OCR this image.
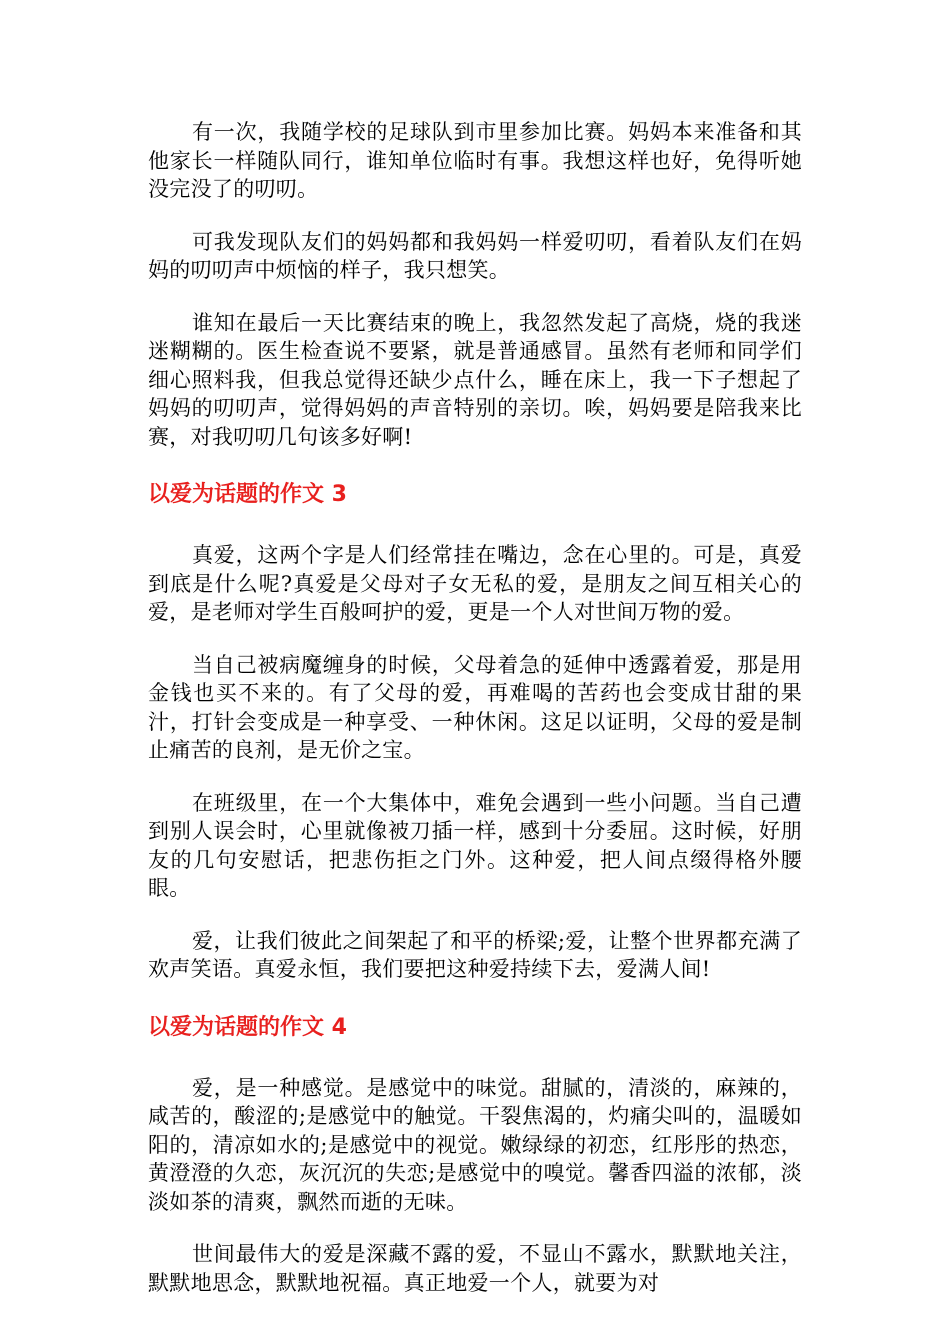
有一次，我随学校的足球队到市里参加比赛。妈妈本来准备和其他家长一样随队同行，谁知单位临时有事。我想这样也好，免得听她没完没了的叨叨。

可我发现队友们的妈妈都和我妈妈一样爱叨叨，看着队友们在妈妈的叨叨声中烦恼的样子，我只想笑。

谁知在最后一天比赛结束的晚上，我忽然发起了高烧，烧的我迷迷糊糊的。医生检查说不要紧，就是普通感冒。虽然有老师和同学们细心照料我，但我总觉得还缺少点什么，睡在床上，我一下子想起了妈妈的叨叨声，觉得妈妈的声音特别的亲切。唉，妈妈要是陪我来比赛，对我叨叨几句该多好啊!

以爱为话题的作文 3

真爱，这两个字是人们经常挂在嘴边，念在心里的。可是，真爱到底是什么呢?真爱是父母对子女无私的爱，是朋友之间互相关心的爱，是老师对学生百般呵护的爱，更是一个人对世间万物的爱。

当自己被病魔缠身的时候，父母着急的延伸中透露着爱，那是用金钱也买不来的。有了父母的爱，再难喝的苦药也会变成甘甜的果汁，打针会变成是一种享受、一种休闲。这足以证明，父母的爱是制止痛苦的良剂，是无价之宝。

在班级里，在一个大集体中，难免会遇到一些小问题。当自己遭到别人误会时，心里就像被刀插一样，感到十分委屈。这时候，好朋友的几句安慰话，把悲伤拒之门外。这种爱，把人间点缀得格外腰眼。

爱，让我们彼此之间架起了和平的桥梁;爱，让整个世界都充满了欢声笑语。真爱永恒，我们要把这种爱持续下去，爱满人间!

以爱为话题的作文 4

爱，是一种感觉。是感觉中的味觉。甜腻的，清淡的，麻辣的，咸苦的，酸涩的;是感觉中的触觉。干裂焦渴的，灼痛尖叫的，温暖如阳的，清凉如水的;是感觉中的视觉。嫩绿绿的初恋，红彤彤的热恋，黄澄澄的久恋，灰沉沉的失恋;是感觉中的嗅觉。馨香四溢的浓郁，淡淡如茶的清爽，飘然而逝的无味。

世间最伟大的爱是深藏不露的爱，不显山不露水，默默地关注，默默地思念，默默地祝福。真正地爱一个人，就要为对
